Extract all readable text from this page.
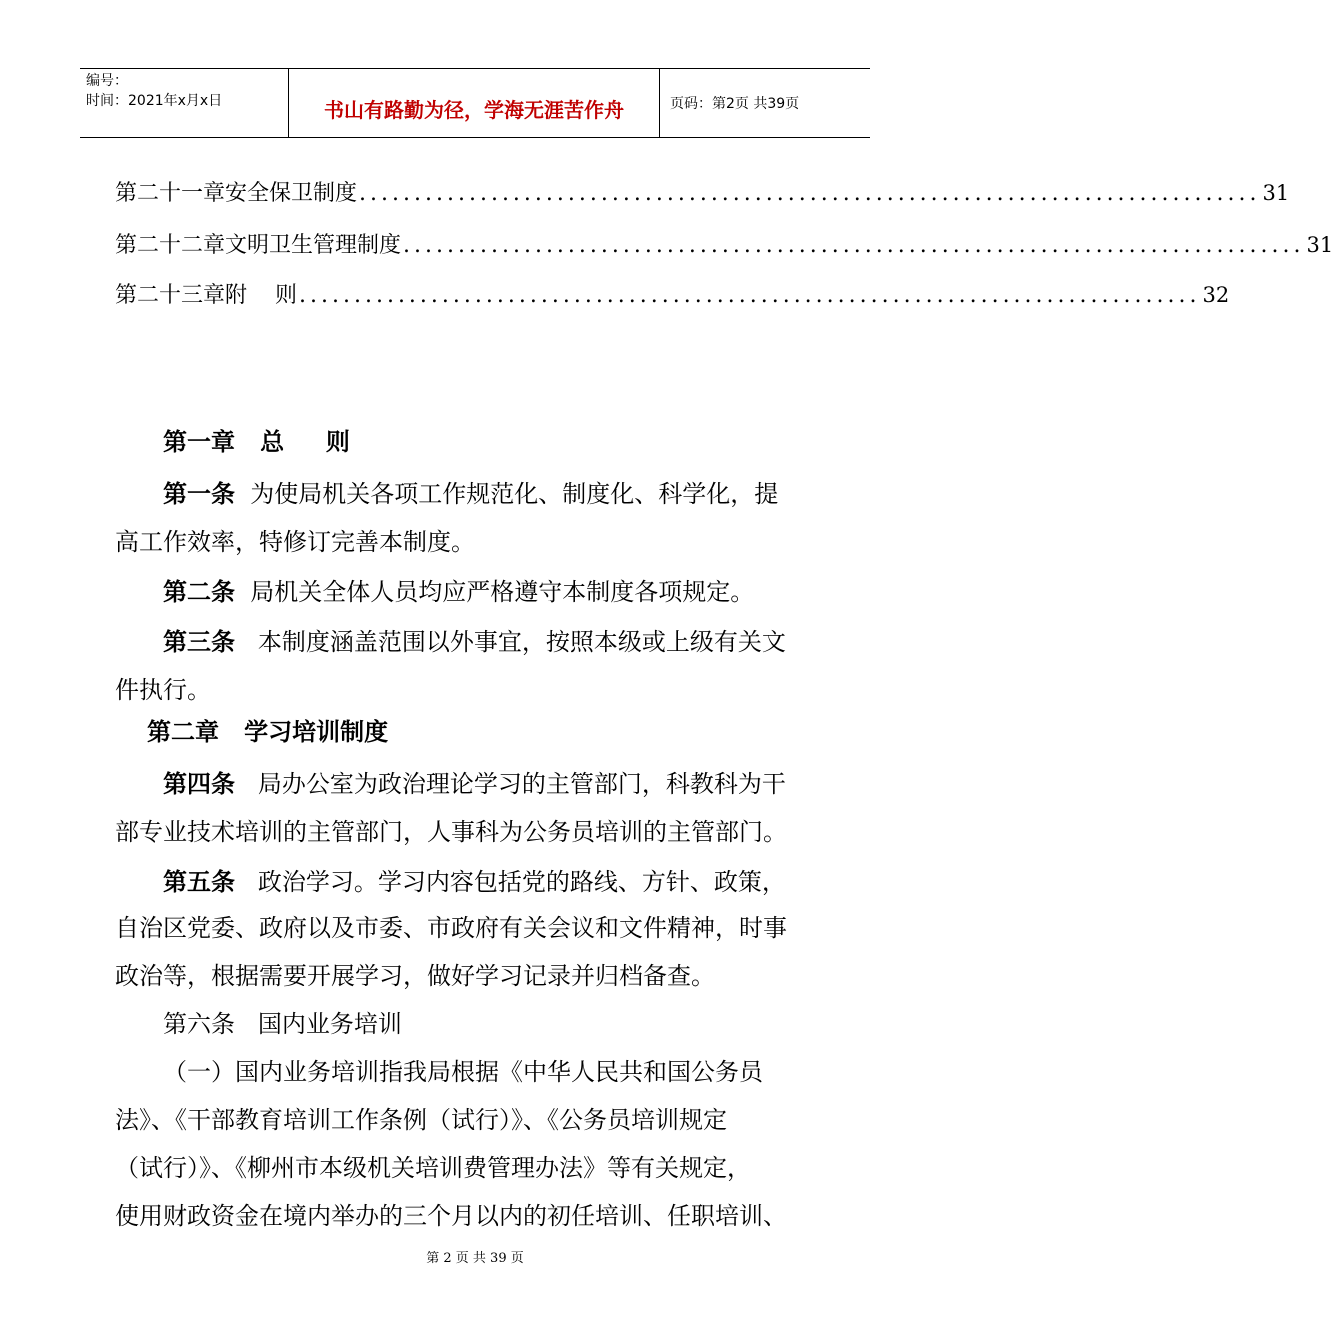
编号：
时间：2021年x月x日	书山有路勤为径，学海无涯苦作舟	页码：第2页 共39页
第二十一章 安全保卫制度 .................................................................................. 31
第二十二章 文明卫生管理制度 .................................................................................. 31
第二十三章 附    则 .................................................................................. 32
第一章   总     则
第一条 为使局机关各项工作规范化、制度化、科学化，提
高工作效率，特修订完善本制度。
第二条 局机关全体人员均应严格遵守本制度各项规定。
第三条 本制度涵盖范围以外事宜，按照本级或上级有关文
件执行。
第二章   学习培训制度
第四条 局办公室为政治理论学习的主管部门，科教科为干
部专业技术培训的主管部门，人事科为公务员培训的主管部门。
第五条 政治学习。学习内容包括党的路线、方针、政策，
自治区党委、政府以及市委、市政府有关会议和文件精神，时事
政治等，根据需要开展学习，做好学习记录并归档备查。
第六条 国内业务培训
（一）国内业务培训指我局根据《中华人民共和国公务员
法》、《干部教育培训工作条例（试行）》、《公务员培训规定
（试行）》、《柳州市本级机关培训费管理办法》等有关规定，
使用财政资金在境内举办的三个月以内的初任培训、任职培训、
第 2 页 共 39 页
